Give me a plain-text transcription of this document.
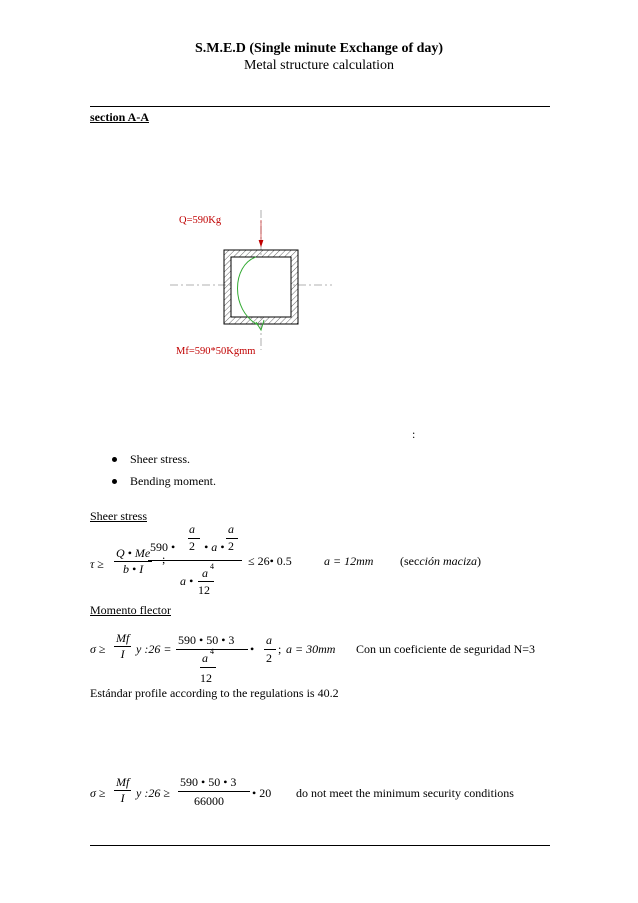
S.M.E.D (Single minute Exchange of day)
Metal structure calculation
section A-A
Q=590Kg
Mf=590*50Kgmm
:
Sheer stress.
Bending moment.
Sheer stress
$\tau \ge \frac{Q • Me}{b • I}$ ;
a
590 • 2 • a •
a
2
a •
a 4
12
≤ 26• 0.5	a = 12mm (sección maciza)
Momento flector
$\sigma \ge \frac{Mf}{I}$ y :26 =
590 • 50 • 3
a 4
12
•
a
2
; a = 30mm Con un coeficiente de seguridad N=3
Estándar profile according to the regulations is 40.2
$\sigma \ge \frac{Mf}{I}$ y :26 ≥
590 • 50 • 3
66000
• 20 do not meet the minimum security conditions
